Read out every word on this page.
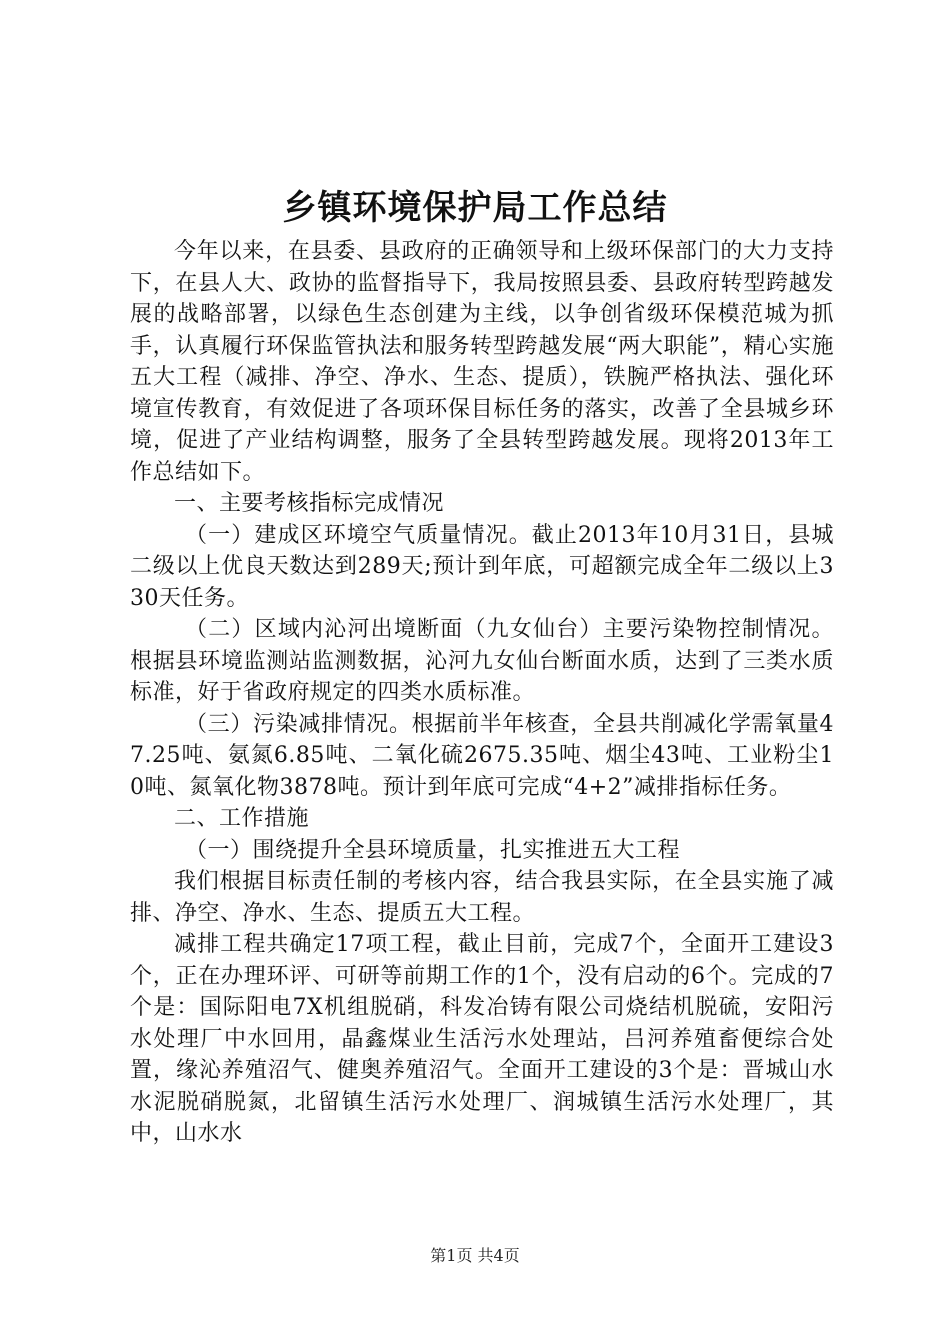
乡镇环境保护局工作总结

今年以来，在县委、县政府的正确领导和上级环保部门的大力支持下，在县人大、政协的监督指导下，我局按照县委、县政府转型跨越发展的战略部署，以绿色生态创建为主线，以争创省级环保模范城为抓手，认真履行环保监管执法和服务转型跨越发展“两大职能”，精心实施五大工程（减排、净空、净水、生态、提质），铁腕严格执法、强化环境宣传教育，有效促进了各项环保目标任务的落实，改善了全县城乡环境，促进了产业结构调整，服务了全县转型跨越发展。现将2013年工作总结如下。

一、主要考核指标完成情况

（一）建成区环境空气质量情况。截止2013年10月31日，县城二级以上优良天数达到289天;预计到年底，可超额完成全年二级以上330天任务。

（二）区域内沁河出境断面（九女仙台）主要污染物控制情况。根据县环境监测站监测数据，沁河九女仙台断面水质，达到了三类水质标准，好于省政府规定的四类水质标准。

（三）污染减排情况。根据前半年核查，全县共削减化学需氧量47.25吨、氨氮6.85吨、二氧化硫2675.35吨、烟尘43吨、工业粉尘10吨、氮氧化物3878吨。预计到年底可完成“4+2”减排指标任务。

二、工作措施

（一）围绕提升全县环境质量，扎实推进五大工程

我们根据目标责任制的考核内容，结合我县实际，在全县实施了减排、净空、净水、生态、提质五大工程。

减排工程共确定17项工程，截止目前，完成7个，全面开工建设3个，正在办理环评、可研等前期工作的1个，没有启动的6个。完成的7个是：国际阳电7X机组脱硝，科发冶铸有限公司烧结机脱硫，安阳污水处理厂中水回用，晶鑫煤业生活污水处理站，吕河养殖畜便综合处置，缘沁养殖沼气、健奥养殖沼气。全面开工建设的3个是：晋城山水水泥脱硝脱氮，北留镇生活污水处理厂、润城镇生活污水处理厂，其中，山水水

第1页 共4页
